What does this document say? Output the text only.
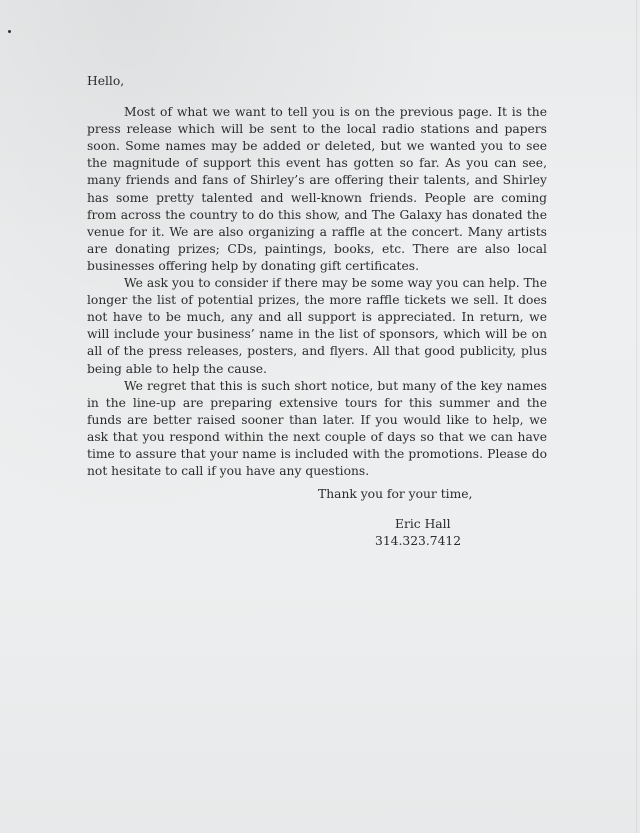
Hello,

Most of what we want to tell you is on the previous page. It is the press release which will be sent to the local radio stations and papers soon. Some names may be added or deleted, but we wanted you to see the magnitude of support this event has gotten so far. As you can see, many friends and fans of Shirley’s are offering their talents, and Shirley has some pretty talented and well-known friends. People are coming from across the country to do this show, and The Galaxy has donated the venue for it. We are also organizing a raffle at the concert. Many artists are donating prizes; CDs, paintings, books, etc. There are also local businesses offering help by donating gift certificates.

We ask you to consider if there may be some way you can help. The longer the list of potential prizes, the more raffle tickets we sell. It does not have to be much, any and all support is appreciated. In return, we will include your business’ name in the list of sponsors, which will be on all of the press releases, posters, and flyers. All that good publicity, plus being able to help the cause.

We regret that this is such short notice, but many of the key names in the line-up are preparing extensive tours for this summer and the funds are better raised sooner than later. If you would like to help, we ask that you respond within the next couple of days so that we can have time to assure that your name is included with the promotions. Please do not hesitate to call if you have any questions.

Thank you for your time,

Eric Hall
314.323.7412
